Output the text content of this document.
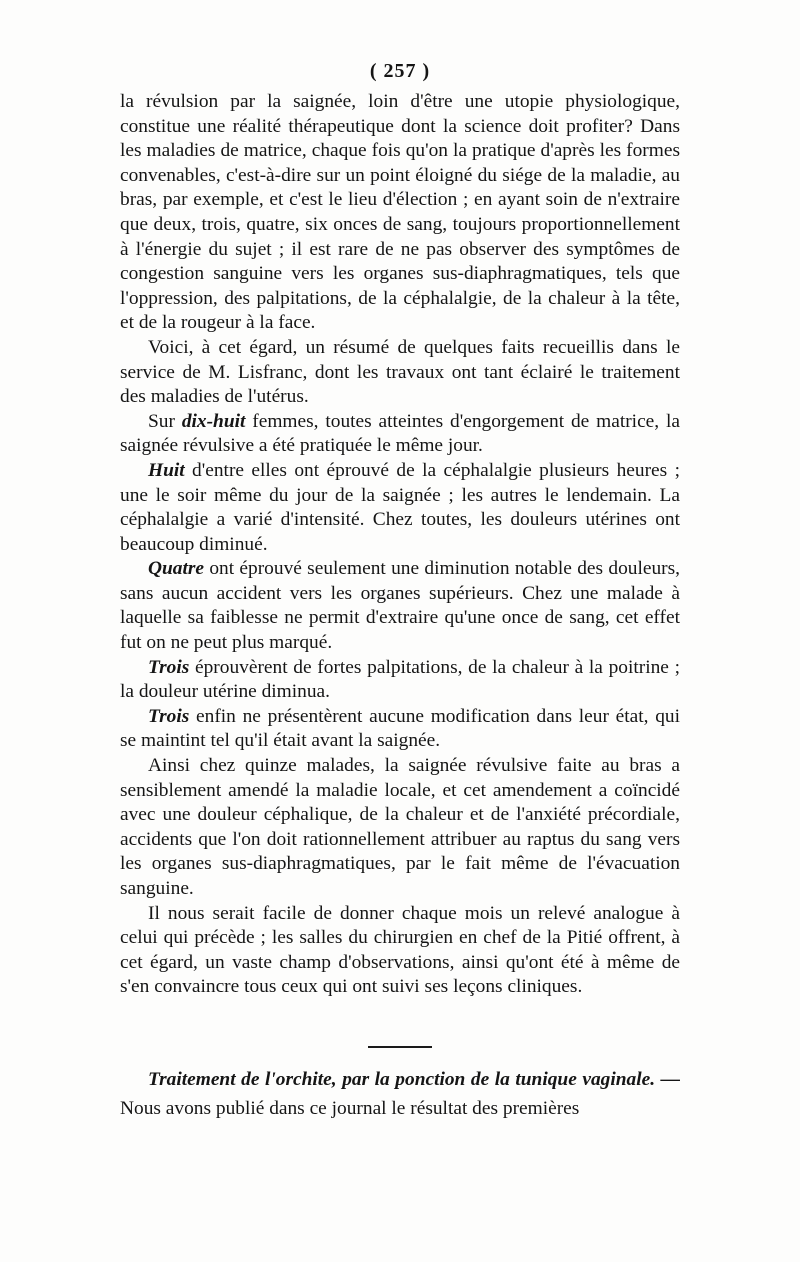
( 257 )

la révulsion par la saignée, loin d'être une utopie physiologique, constitue une réalité thérapeutique dont la science doit profiter? Dans les maladies de matrice, chaque fois qu'on la pratique d'après les formes convenables, c'est-à-dire sur un point éloigné du siége de la maladie, au bras, par exemple, et c'est le lieu d'élection ; en ayant soin de n'extraire que deux, trois, quatre, six onces de sang, toujours proportionnellement à l'énergie du sujet ; il est rare de ne pas observer des symptômes de congestion sanguine vers les organes sus-diaphragmatiques, tels que l'oppression, des palpitations, de la céphalalgie, de la chaleur à la tête, et de la rougeur à la face.

Voici, à cet égard, un résumé de quelques faits recueillis dans le service de M. Lisfranc, dont les travaux ont tant éclairé le traitement des maladies de l'utérus.

Sur dix-huit femmes, toutes atteintes d'engorgement de matrice, la saignée révulsive a été pratiquée le même jour.

Huit d'entre elles ont éprouvé de la céphalalgie plusieurs heures ; une le soir même du jour de la saignée ; les autres le lendemain. La céphalalgie a varié d'intensité. Chez toutes, les douleurs utérines ont beaucoup diminué.

Quatre ont éprouvé seulement une diminution notable des douleurs, sans aucun accident vers les organes supérieurs. Chez une malade à laquelle sa faiblesse ne permit d'extraire qu'une once de sang, cet effet fut on ne peut plus marqué.

Trois éprouvèrent de fortes palpitations, de la chaleur à la poitrine ; la douleur utérine diminua.

Trois enfin ne présentèrent aucune modification dans leur état, qui se maintint tel qu'il était avant la saignée.

Ainsi chez quinze malades, la saignée révulsive faite au bras a sensiblement amendé la maladie locale, et cet amendement a coïncidé avec une douleur céphalique, de la chaleur et de l'anxiété précordiale, accidents que l'on doit rationnellement attribuer au raptus du sang vers les organes sus-diaphragmatiques, par le fait même de l'évacuation sanguine.

Il nous serait facile de donner chaque mois un relevé analogue à celui qui précède ; les salles du chirurgien en chef de la Pitié offrent, à cet égard, un vaste champ d'observations, ainsi qu'ont été à même de s'en convaincre tous ceux qui ont suivi ses leçons cliniques.

Traitement de l'orchite, par la ponction de la tunique vaginale. — Nous avons publié dans ce journal le résultat des premières
